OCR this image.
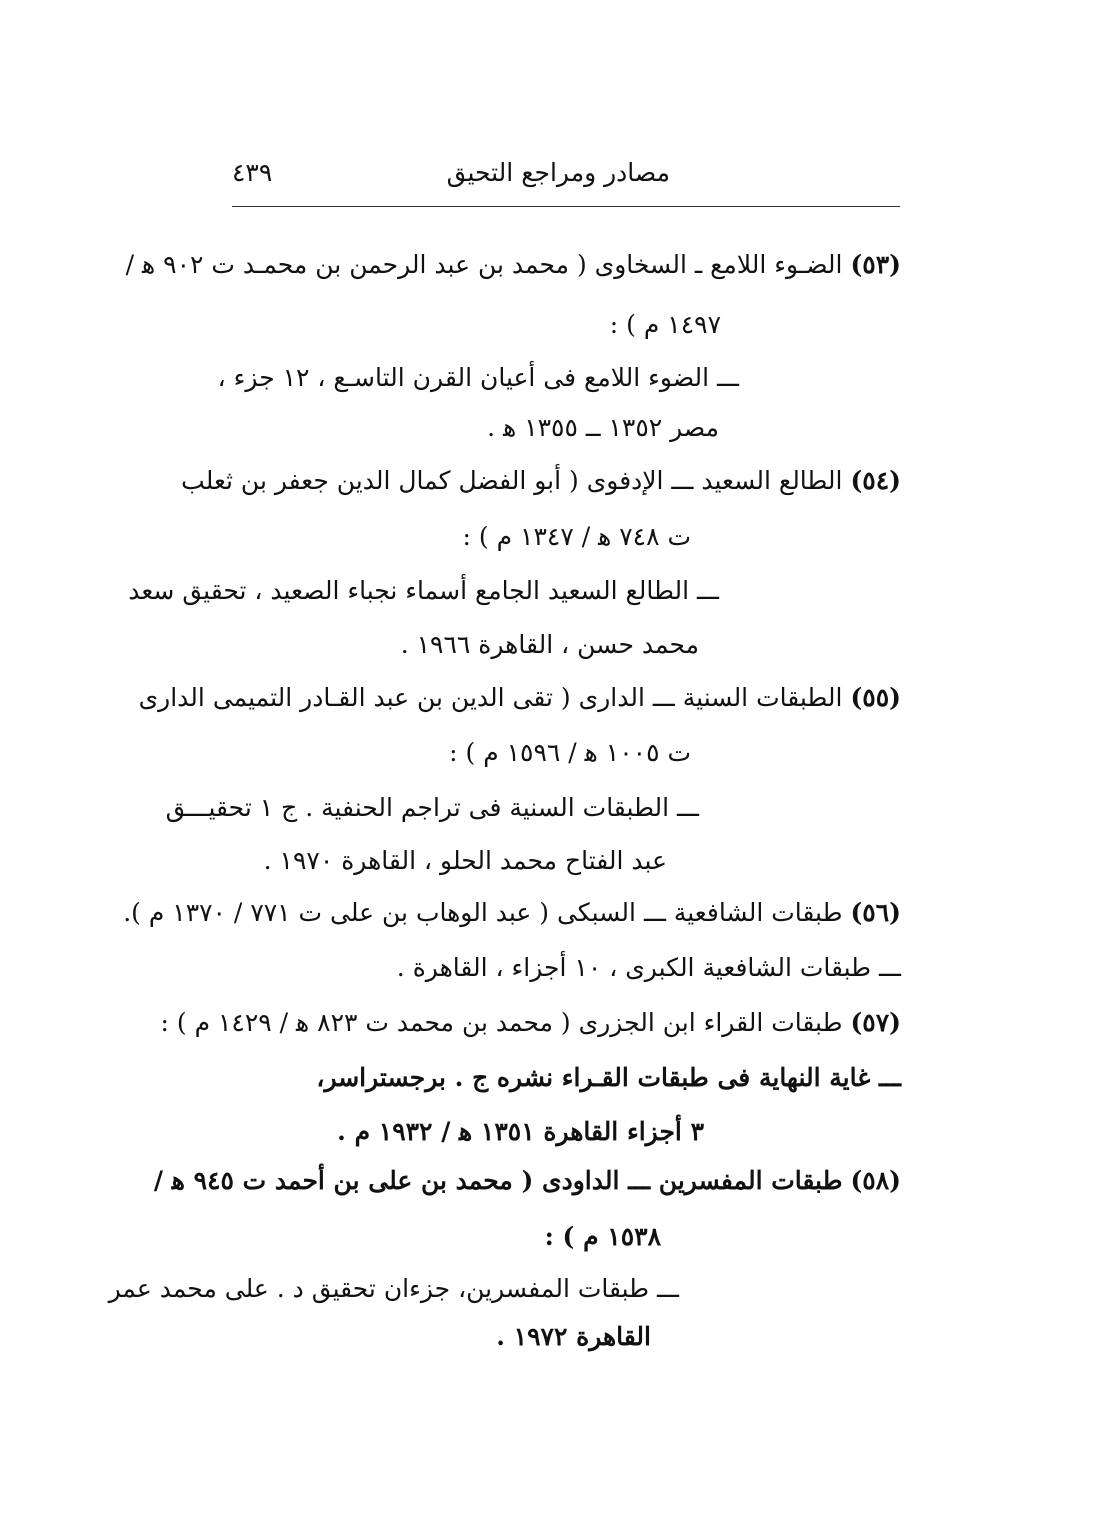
مصادر ومراجع التحيق
٤٣٩
(٥٣) الضـوء اللامع ـ السخاوى ( محمد بن عبد الرحمن بن محمـد ت ٩٠٢ ﻫ /
١٤٩٧ م ) :
ـــ الضوء اللامع فى أعيان القرن التاسـع ، ١٢ جزء ،
مصر ١٣٥٢ ــ ١٣٥٥ ﻫ .
(٥٤) الطالع السعيد ـــ الإدفوى ( أبو الفضل كمال الدين جعفر بن ثعلب
ت ٧٤٨ ﻫ / ١٣٤٧ م ) :
ـــ الطالع السعيد الجامع أسماء نجباء الصعيد ، تحقيق سعد
محمد حسن ، القاهرة ١٩٦٦ .
(٥٥) الطبقات السنية ـــ الدارى ( تقى الدين بن عبد القـادر التميمى الدارى
ت ١٠٠٥ ﻫ / ١٥٩٦ م ) :
ـــ الطبقات السنية فى تراجم الحنفية . ج ١ تحقيـــق
عبد الفتاح محمد الحلو ، القاهرة ١٩٧٠ .
(٥٦) طبقات الشافعية ـــ السبكى ( عبد الوهاب بن على ت ٧٧١ / ١٣٧٠ م ).
ـــ طبقات الشافعية الكبرى ، ١٠ أجزاء ، القاهرة .
(٥٧) طبقات القراء ابن الجزرى ( محمد بن محمد ت ٨٢٣ ﻫ / ١٤٢٩ م ) :
ـــ غاية النهاية فى طبقات القـراء نشره ج . برجستراسر،
٣ أجزاء القاهرة ١٣٥١ ﻫ / ١٩٣٢ م .
(٥٨) طبقات المفسرين ـــ الداودى ( محمد بن على بن أحمد ت ٩٤٥ ﻫ /
١٥٣٨ م ) :
ـــ طبقات المفسرين، جزءان تحقيق د . على محمد عمر
القاهرة ١٩٧٢ .
